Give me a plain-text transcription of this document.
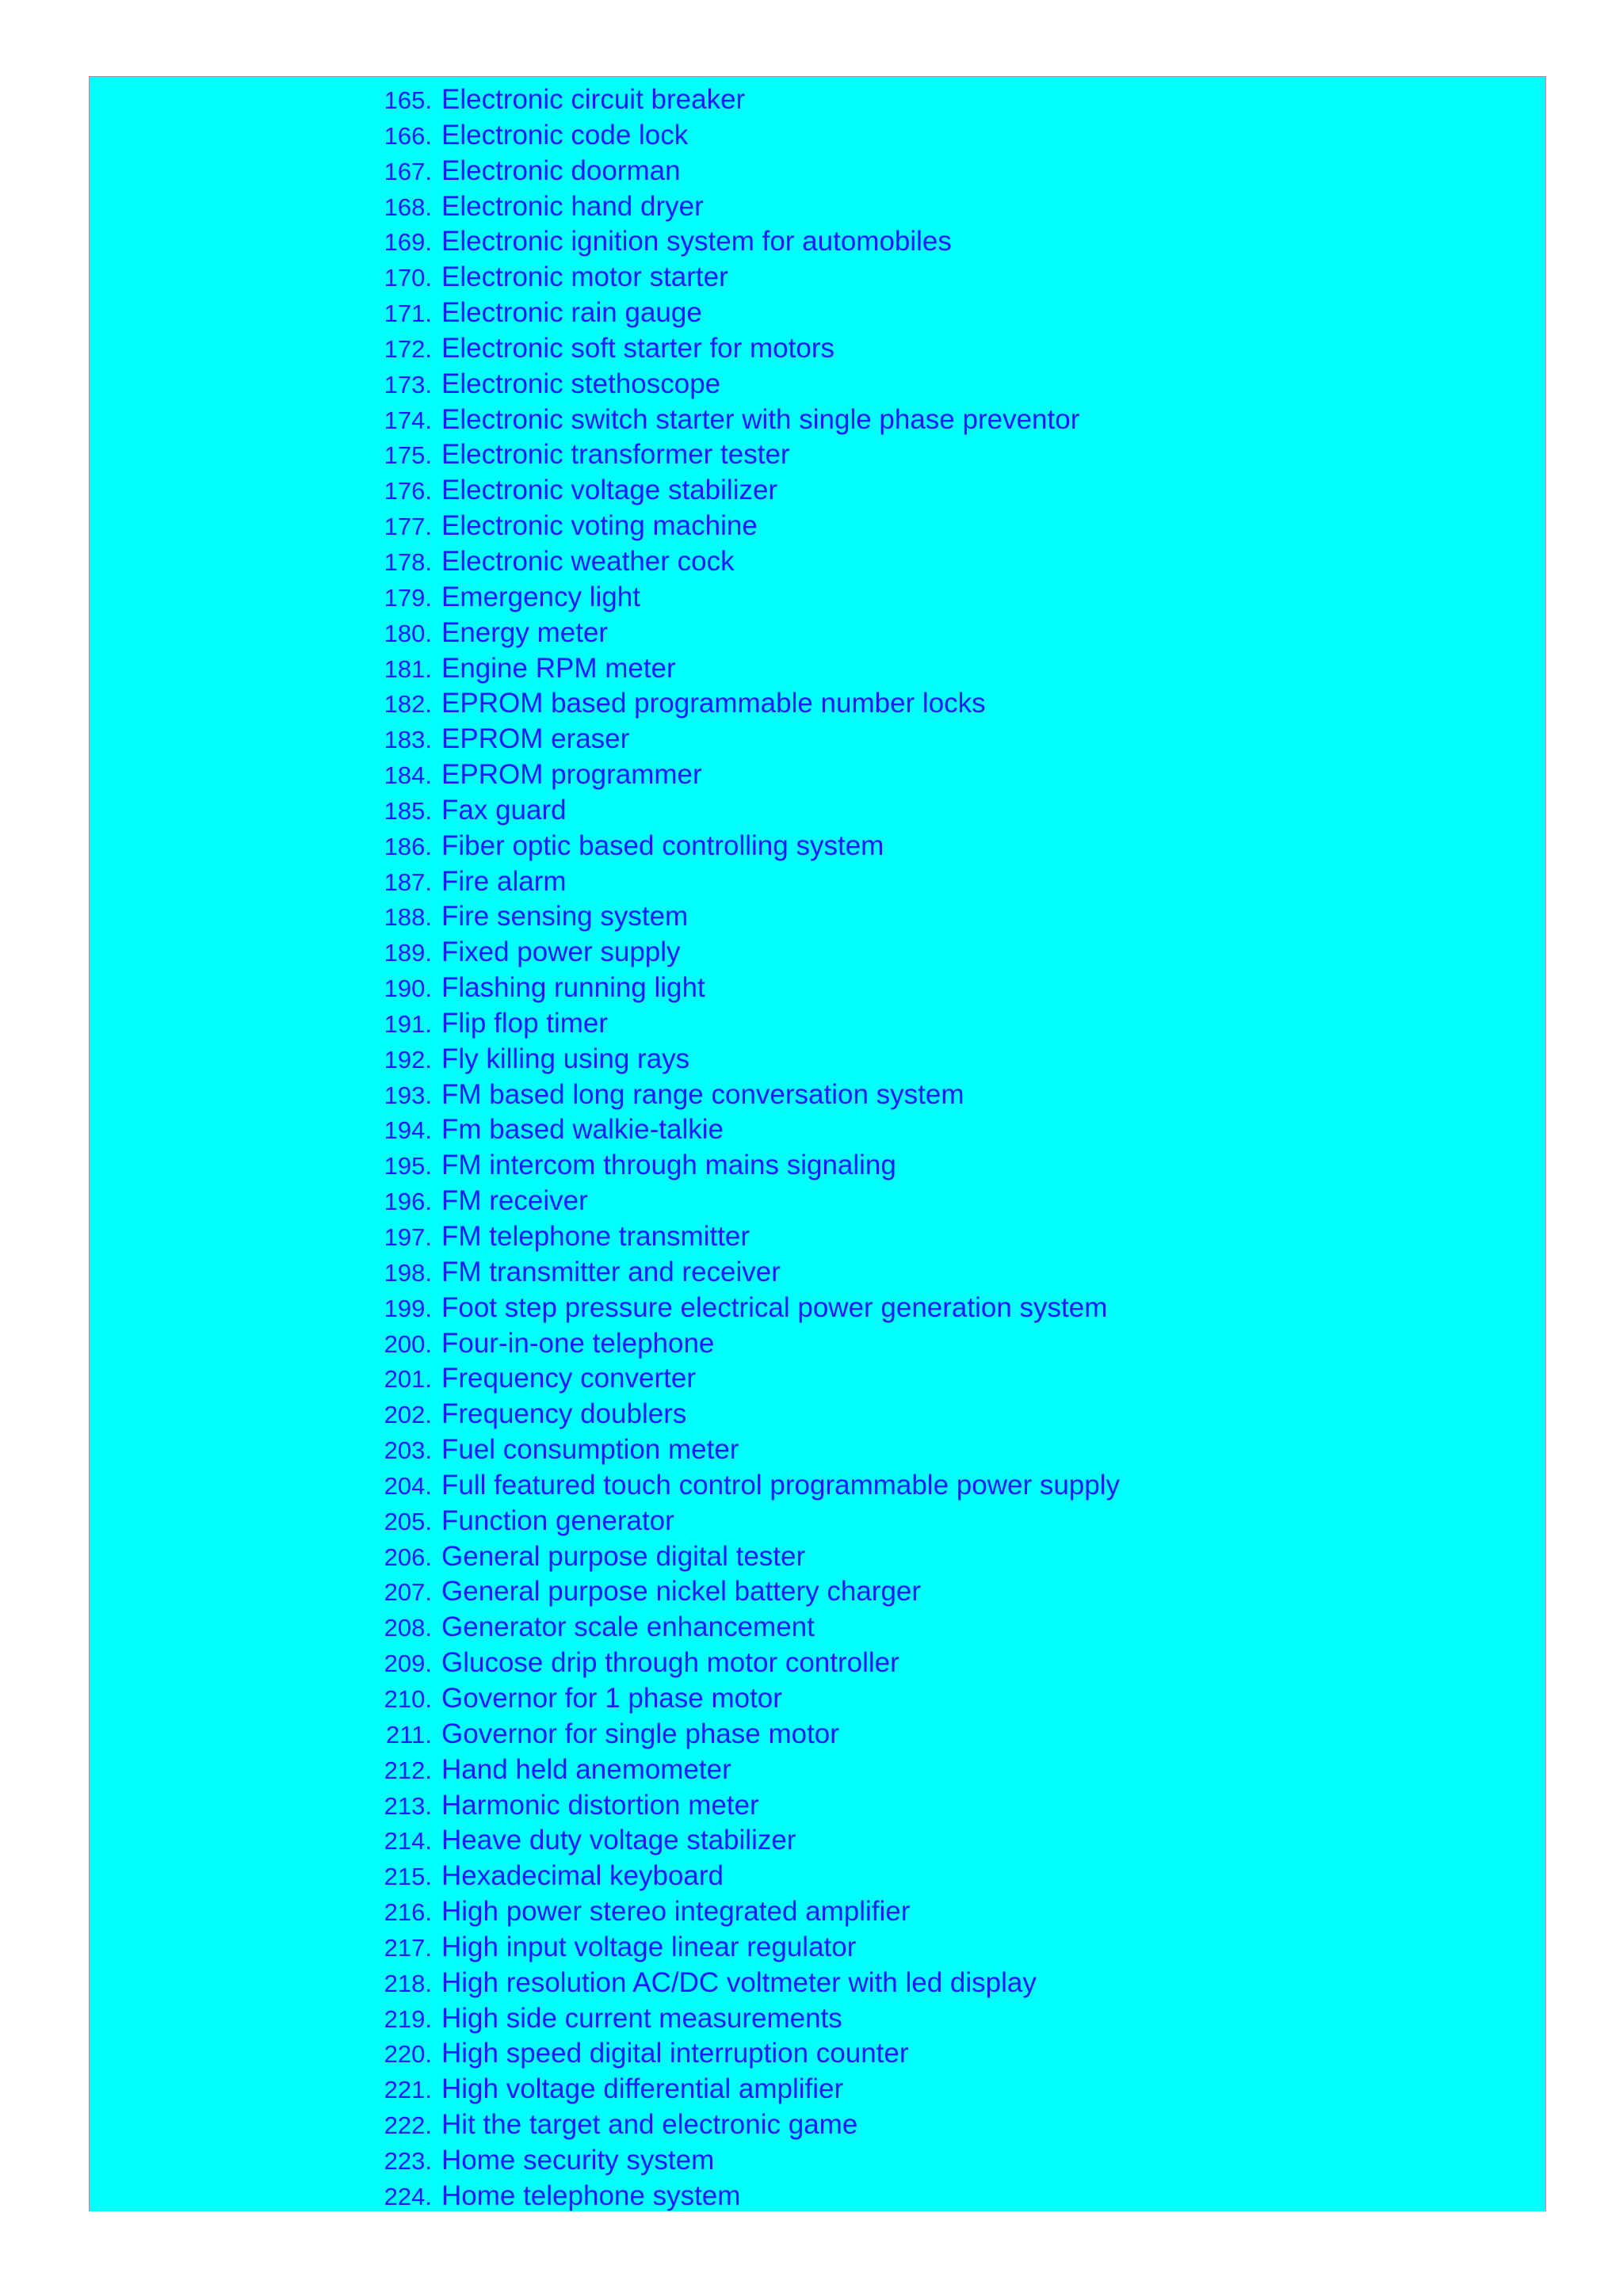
165. Electronic circuit breaker
166. Electronic code lock
167. Electronic doorman
168. Electronic hand dryer
169. Electronic ignition system for automobiles
170. Electronic motor starter
171. Electronic rain gauge
172. Electronic soft starter for motors
173. Electronic stethoscope
174. Electronic switch starter with single phase preventor
175. Electronic transformer tester
176. Electronic voltage stabilizer
177. Electronic voting machine
178. Electronic weather cock
179. Emergency light
180. Energy meter
181. Engine RPM meter
182. EPROM based programmable number locks
183. EPROM eraser
184. EPROM programmer
185. Fax guard
186. Fiber optic based controlling system
187. Fire alarm
188. Fire sensing system
189. Fixed power supply
190. Flashing running light
191. Flip flop timer
192. Fly killing using rays
193. FM based long range conversation system
194. Fm based walkie-talkie
195. FM intercom through mains signaling
196. FM receiver
197. FM telephone transmitter
198. FM transmitter and receiver
199. Foot step pressure electrical power generation system
200. Four-in-one telephone
201. Frequency converter
202. Frequency doublers
203. Fuel consumption meter
204. Full featured touch control programmable power supply
205. Function generator
206. General purpose digital tester
207. General purpose nickel battery charger
208. Generator scale enhancement
209. Glucose drip through motor controller
210. Governor for 1 phase motor
211. Governor for single phase motor
212. Hand held anemometer
213. Harmonic distortion meter
214. Heave duty voltage stabilizer
215. Hexadecimal keyboard
216. High power stereo integrated amplifier
217. High input voltage linear regulator
218. High resolution AC/DC voltmeter with led display
219. High side current measurements
220. High speed digital interruption counter
221. High voltage differential amplifier
222. Hit the target and electronic game
223. Home security system
224. Home telephone system
